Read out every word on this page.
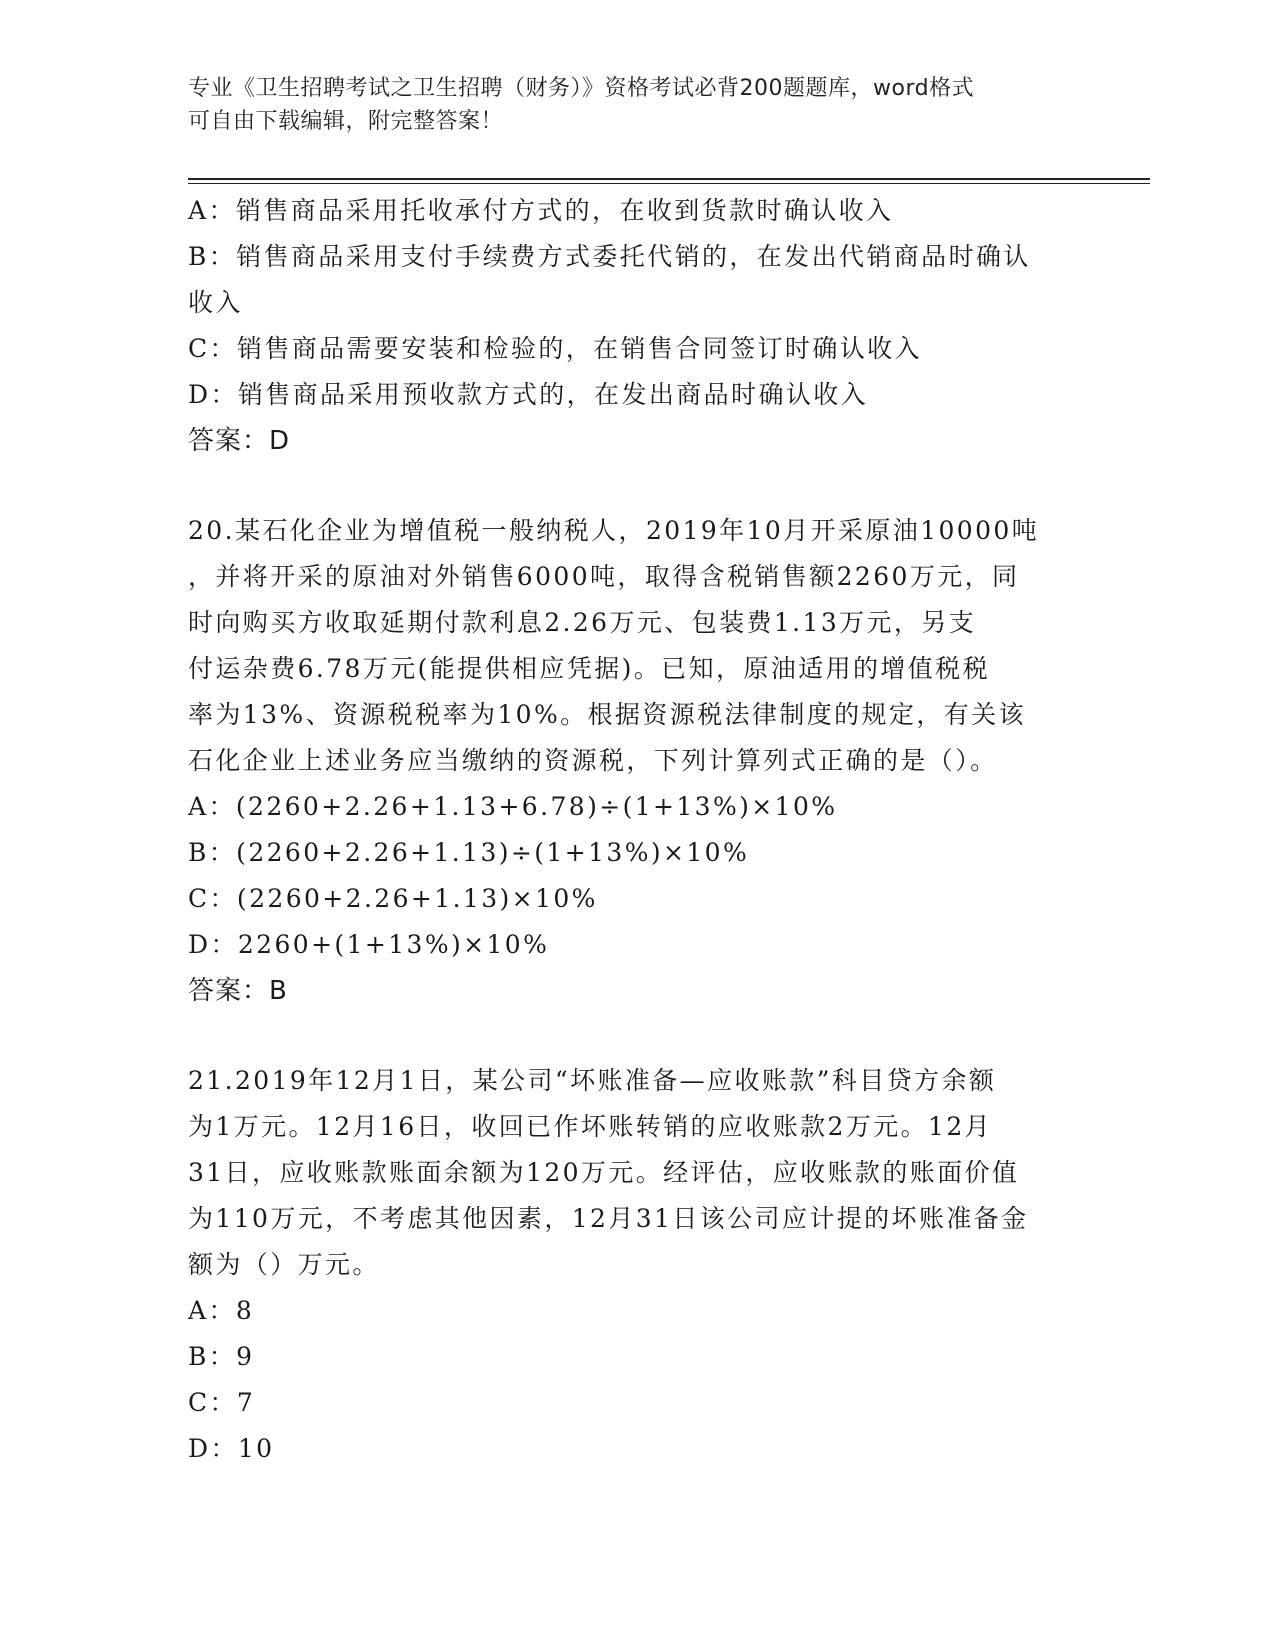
专业《卫生招聘考试之卫生招聘（财务）》资格考试必背200题题库，word格式
可自由下载编辑，附完整答案！
A：销售商品采用托收承付方式的，在收到货款时确认收入
B：销售商品采用支付手续费方式委托代销的，在发出代销商品时确认
收入
C：销售商品需要安装和检验的，在销售合同签订时确认收入
D：销售商品采用预收款方式的，在发出商品时确认收入
答案：D
20.某石化企业为增值税一般纳税人，2019年10月开采原油10000吨
，并将开采的原油对外销售6000吨，取得含税销售额2260万元，同
时向购买方收取延期付款利息2.26万元、包装费1.13万元，另支
付运杂费6.78万元(能提供相应凭据)。已知，原油适用的增值税税
率为13%、资源税税率为10%。根据资源税法律制度的规定，有关该
石化企业上述业务应当缴纳的资源税，下列计算列式正确的是（）。
A：(2260+2.26+1.13+6.78)÷(1+13%)×10%
B：(2260+2.26+1.13)÷(1+13%)×10%
C：(2260+2.26+1.13)×10%
D：2260+(1+13%)×10%
答案：B
21.2019年12月1日，某公司“坏账准备—应收账款”科目贷方余额
为1万元。12月16日，收回已作坏账转销的应收账款2万元。12月
31日，应收账款账面余额为120万元。经评估，应收账款的账面价值
为110万元，不考虑其他因素，12月31日该公司应计提的坏账准备金
额为（）万元。
A：8
B：9
C：7
D：10
